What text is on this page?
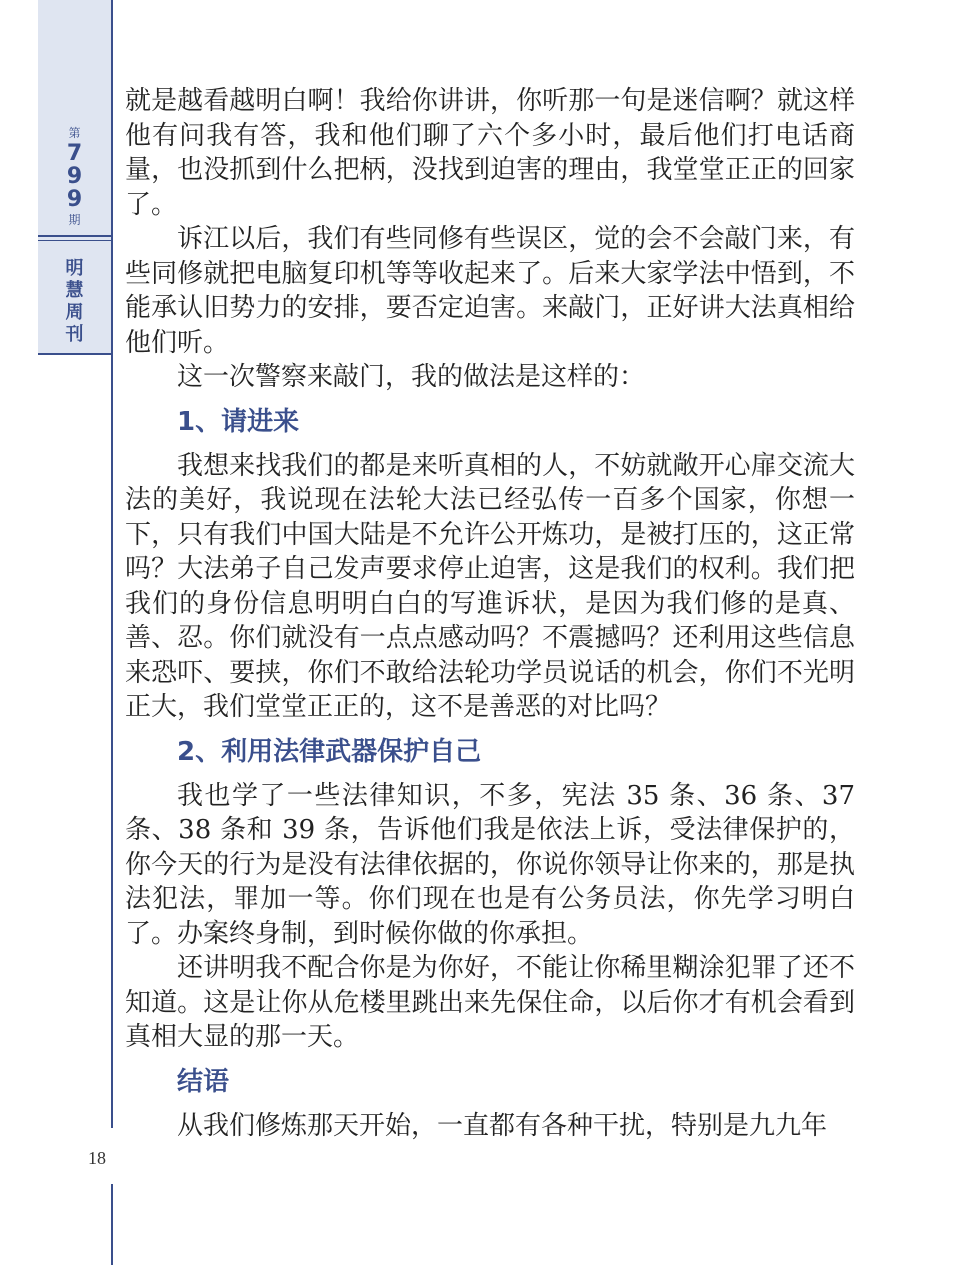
第
7
9
9
期
明
慧
周
刊
18

就是越看越明白啊！我给你讲讲，你听那一句是迷信啊？就这样他有问我有答，我和他们聊了六个多小时，最后他们打电话商量，也没抓到什么把柄，没找到迫害的理由，我堂堂正正的回家了。

诉江以后，我们有些同修有些误区，觉的会不会敲门来，有些同修就把电脑复印机等等收起来了。后来大家学法中悟到，不能承认旧势力的安排，要否定迫害。来敲门，正好讲大法真相给他们听。

这一次警察来敲门，我的做法是这样的：

1、请进来

我想来找我们的都是来听真相的人，不妨就敞开心扉交流大法的美好，我说现在法轮大法已经弘传一百多个国家，你想一下，只有我们中国大陆是不允许公开炼功，是被打压的，这正常吗？大法弟子自己发声要求停止迫害，这是我们的权利。我们把我们的身份信息明明白白的写進诉状，是因为我们修的是真、善、忍。你们就没有一点点感动吗？不震撼吗？还利用这些信息来恐吓、要挟，你们不敢给法轮功学员说话的机会，你们不光明正大，我们堂堂正正的，这不是善恶的对比吗？

2、利用法律武器保护自己

我也学了一些法律知识，不多，宪法 35 条、36 条、37 条、38 条和 39 条，告诉他们我是依法上诉，受法律保护的，你今天的行为是没有法律依据的，你说你领导让你来的，那是执法犯法，罪加一等。你们现在也是有公务员法，你先学习明白了。办案终身制，到时候你做的你承担。

还讲明我不配合你是为你好，不能让你稀里糊涂犯罪了还不知道。这是让你从危楼里跳出来先保住命，以后你才有机会看到真相大显的那一天。

结语

从我们修炼那天开始，一直都有各种干扰，特别是九九年
